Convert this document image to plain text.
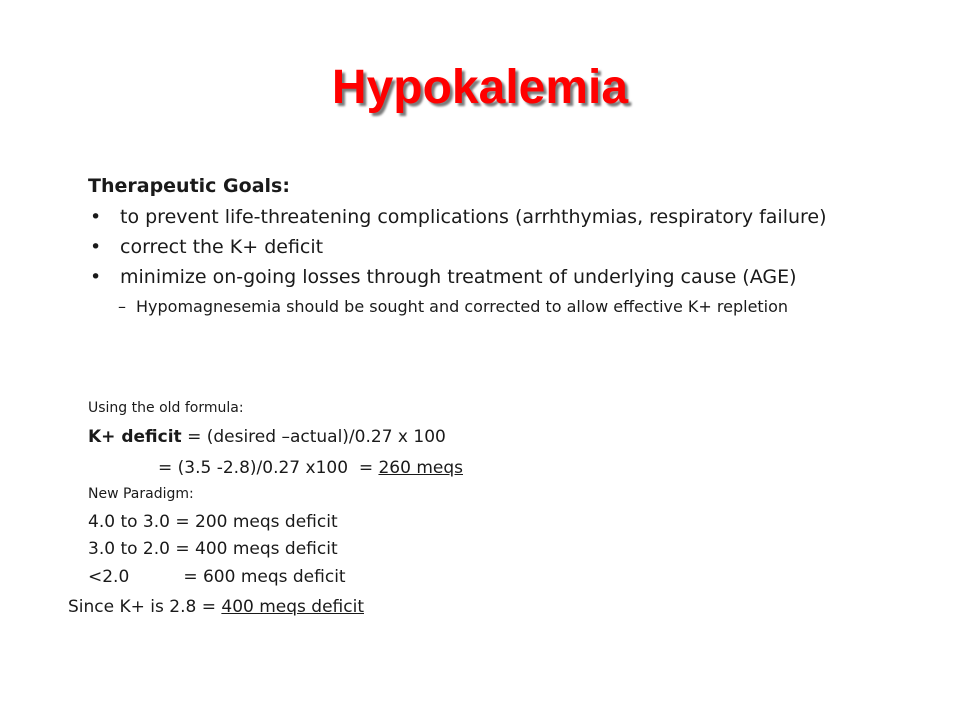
Hypokalemia

Therapeutic Goals:

• to prevent life-threatening complications (arrhthymias, respiratory failure)
• correct the K+ deficit
• minimize on-going losses through treatment of underlying cause (AGE)
– Hypomagnesemia should be sought and corrected to allow effective K+ repletion

Using the old formula:

K+ deficit = (desired –actual)/0.27 x 100

= (3.5 -2.8)/0.27 x100  = 260 meqs

New Paradigm:

4.0 to 3.0 = 200 meqs deficit

3.0 to 2.0 = 400 meqs deficit

<2.0          = 600 meqs deficit

Since K+ is 2.8 = 400 meqs deficit
